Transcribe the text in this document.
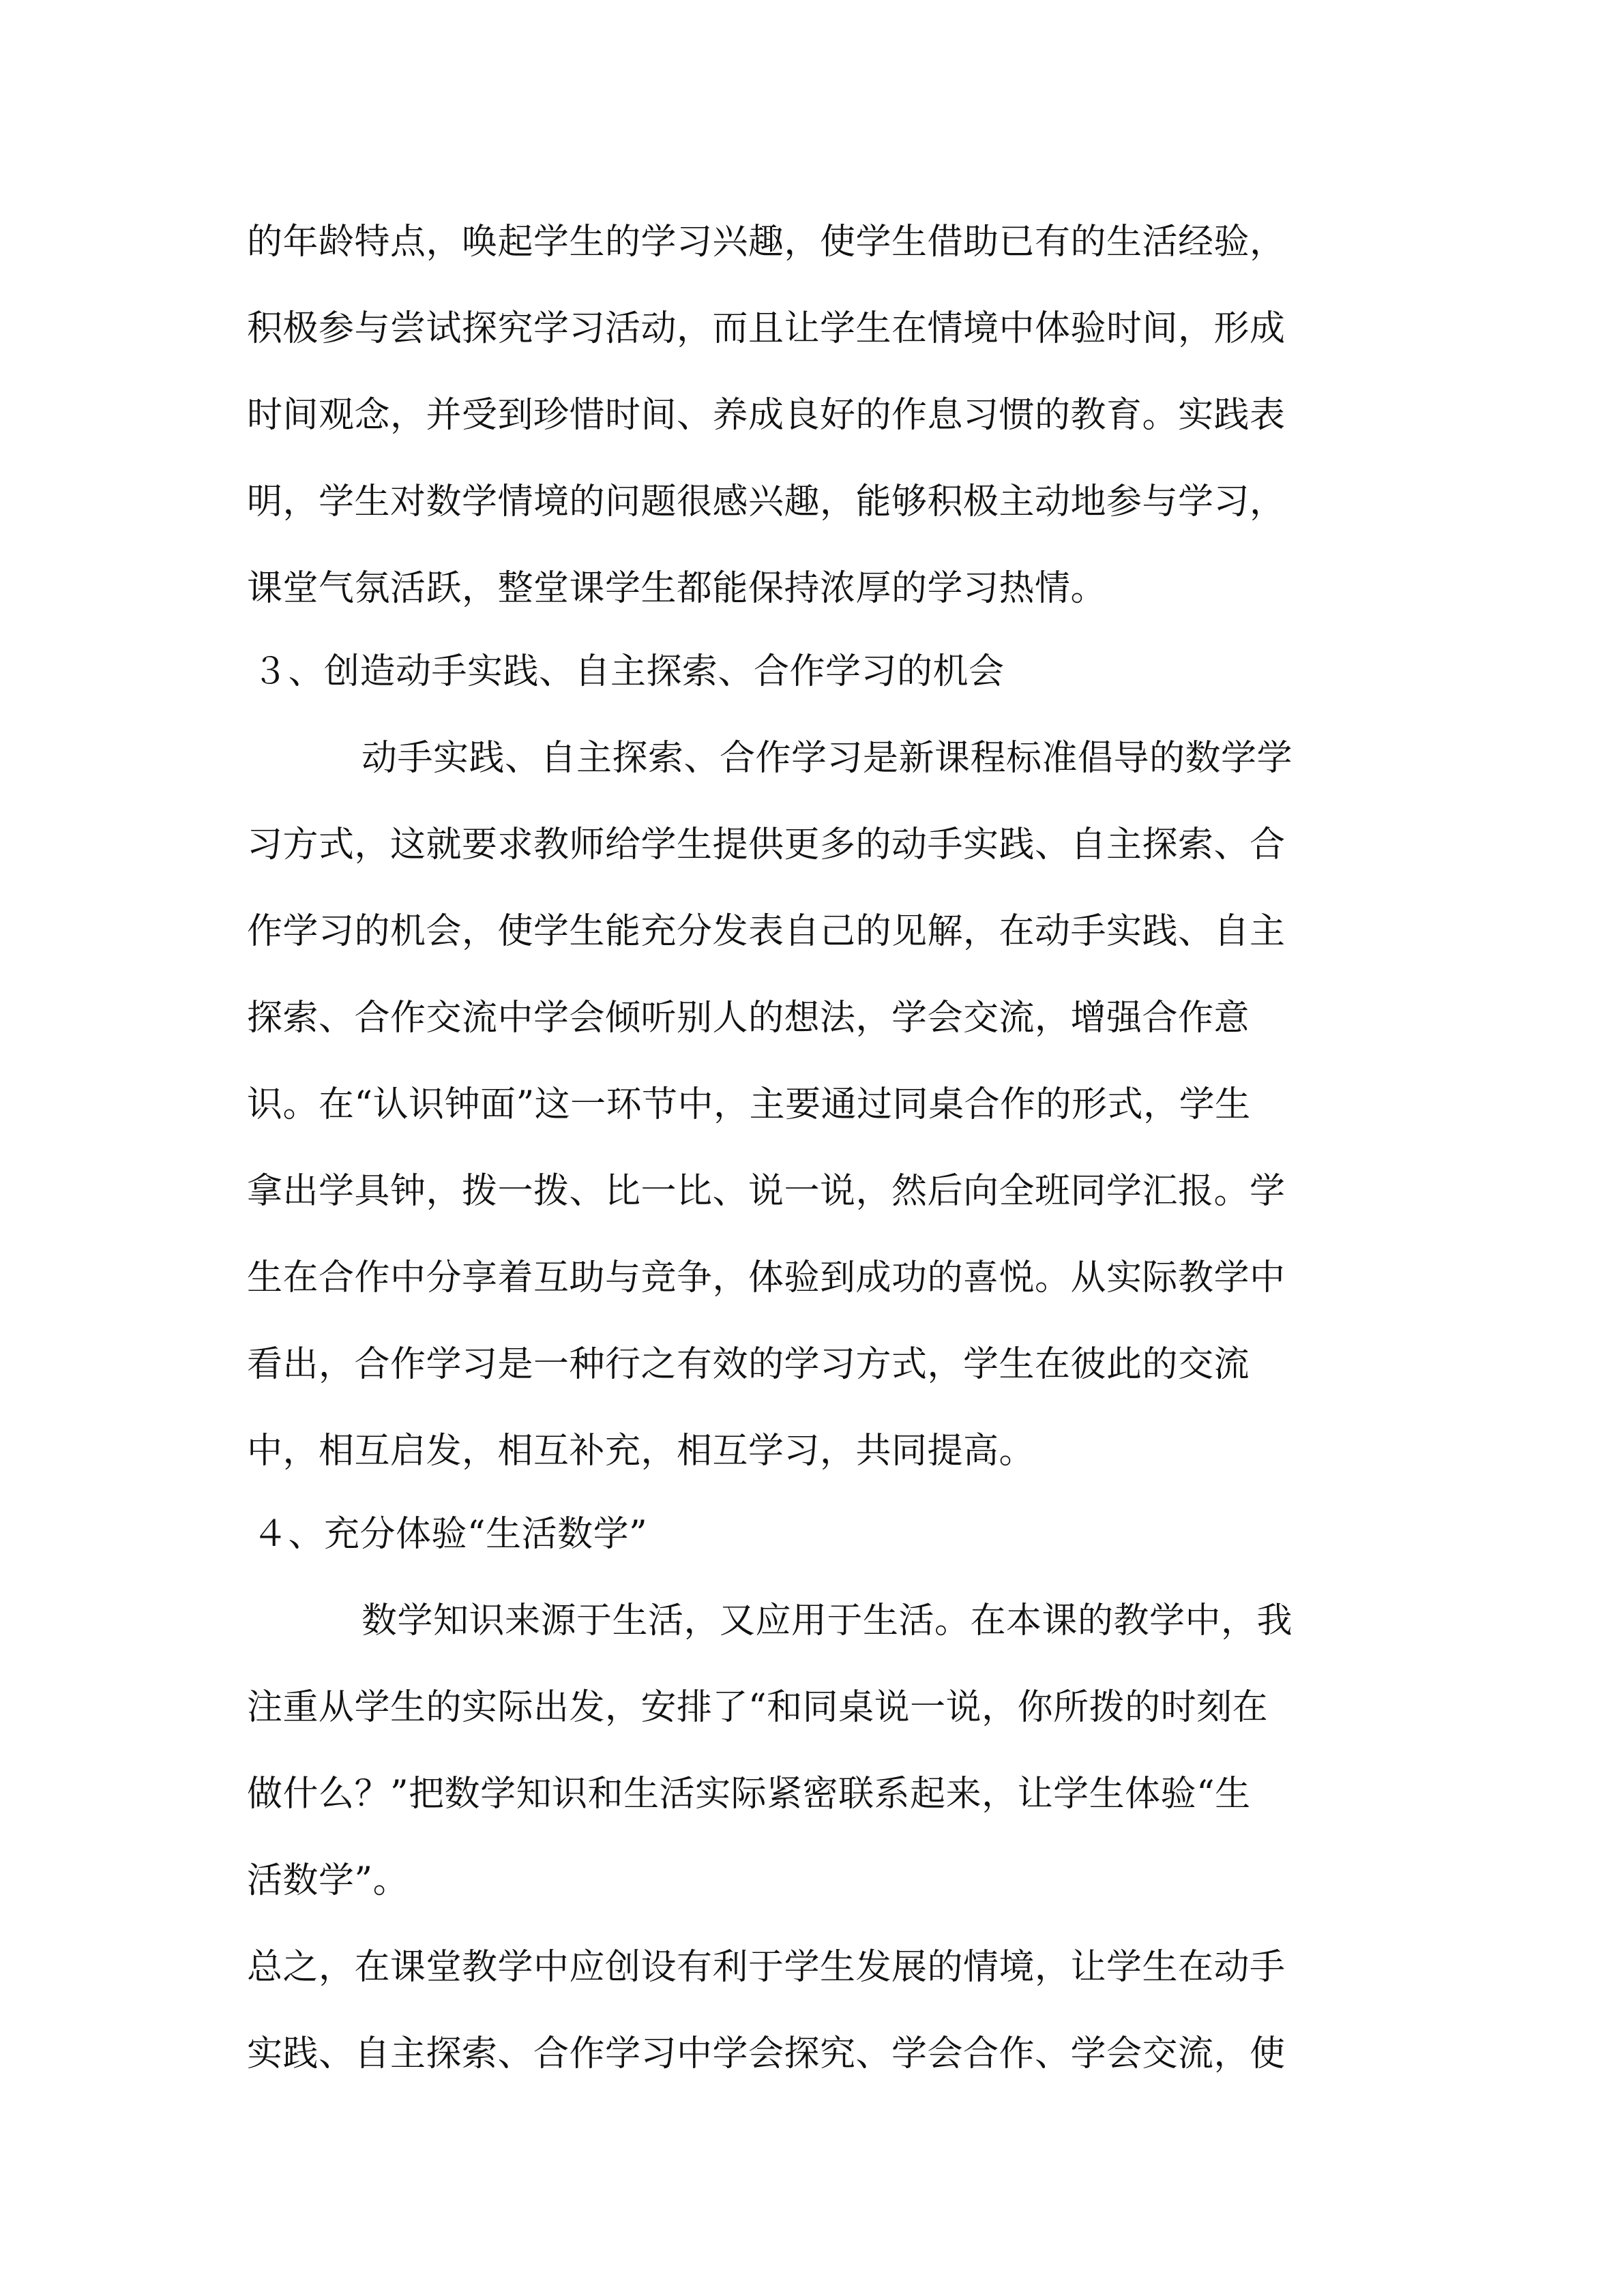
的年龄特点，唤起学生的学习兴趣，使学生借助已有的生活经验，
积极参与尝试探究学习活动，而且让学生在情境中体验时间，形成
时间观念，并受到珍惜时间、养成良好的作息习惯的教育。实践表
明，学生对数学情境的问题很感兴趣，能够积极主动地参与学习，
课堂气氛活跃，整堂课学生都能保持浓厚的学习热情。
３、创造动手实践、自主探索、合作学习的机会
动手实践、自主探索、合作学习是新课程标准倡导的数学学
习方式，这就要求教师给学生提供更多的动手实践、自主探索、合
作学习的机会，使学生能充分发表自己的见解，在动手实践、自主
探索、合作交流中学会倾听别人的想法，学会交流，增强合作意
识。在“认识钟面”这一环节中，主要通过同桌合作的形式，学生
拿出学具钟，拨一拨、比一比、说一说，然后向全班同学汇报。学
生在合作中分享着互助与竞争，体验到成功的喜悦。从实际教学中
看出，合作学习是一种行之有效的学习方式，学生在彼此的交流
中，相互启发，相互补充，相互学习，共同提高。
４、充分体验“生活数学”
数学知识来源于生活，又应用于生活。在本课的教学中，我
注重从学生的实际出发，安排了“和同桌说一说，你所拨的时刻在
做什么？”把数学知识和生活实际紧密联系起来，让学生体验“生
活数学”。
总之，在课堂教学中应创设有利于学生发展的情境，让学生在动手
实践、自主探索、合作学习中学会探究、学会合作、学会交流，使
